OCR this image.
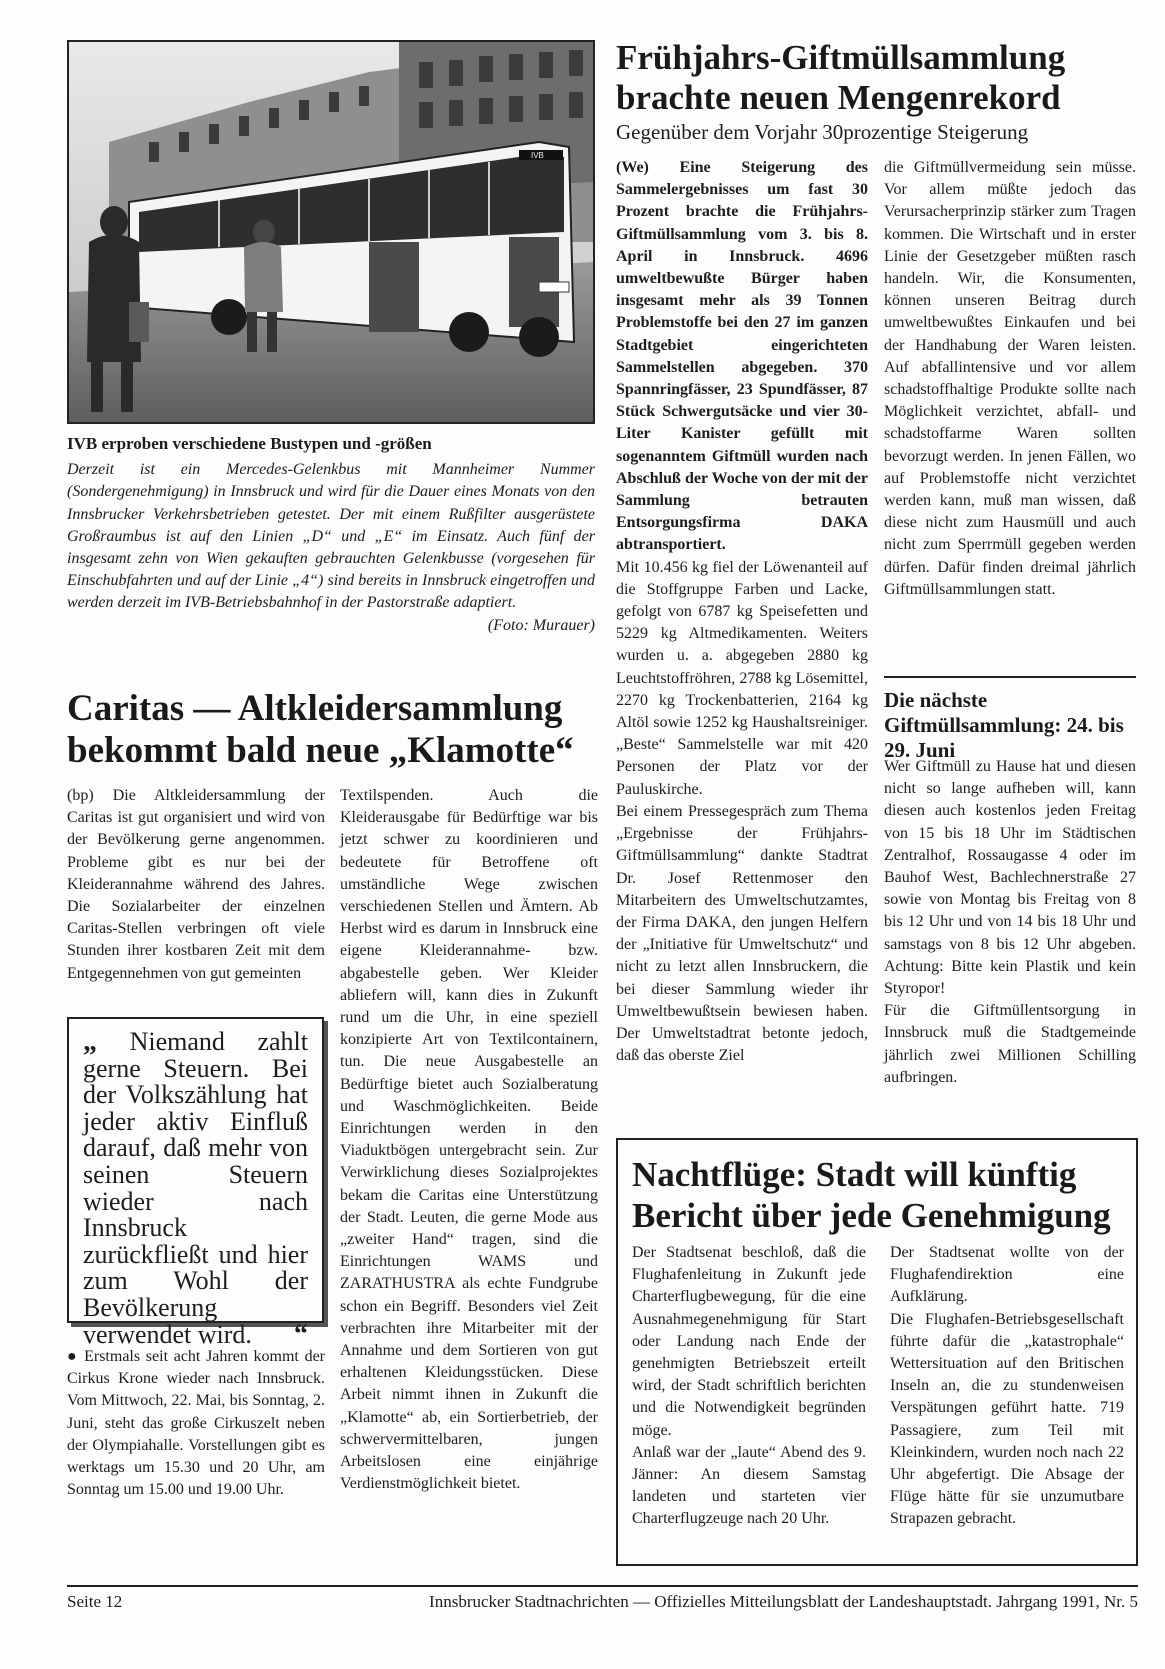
IVB

IVB erproben verschiedene Bustypen und -größen

Derzeit ist ein Mercedes-Gelenkbus mit Mannheimer Nummer (Sondergenehmigung) in Innsbruck und wird für die Dauer eines Monats von den Innsbrucker Verkehrsbetrieben getestet. Der mit einem Rußfilter ausgerüstete Großraumbus ist auf den Linien „D“ und „E“ im Einsatz. Auch fünf der insgesamt zehn von Wien gekauften gebrauchten Gelenkbusse (vorgesehen für Einschubfahrten und auf der Linie „4“) sind bereits in Innsbruck eingetroffen und werden derzeit im IVB-Betriebsbahnhof in der Pastorstraße adaptiert.
(Foto: Murauer)

Caritas — Altkleidersammlung bekommt bald neue „Klamotte“

(bp) Die Altkleidersammlung der Caritas ist gut organisiert und wird von der Bevölkerung gerne angenommen. Probleme gibt es nur bei der Kleiderannahme während des Jahres. Die Sozialarbeiter der einzelnen Caritas-Stellen verbringen oft viele Stunden ihrer kostbaren Zeit mit dem Entgegennehmen von gut gemeinten

„ Niemand zahlt gerne Steuern. Bei der Volkszählung hat jeder aktiv Einfluß darauf, daß mehr von seinen Steuern wieder nach Innsbruck zurückfließt und hier zum Wohl der Bevölkerung verwendet wird. “

● Erstmals seit acht Jahren kommt der Cirkus Krone wieder nach Innsbruck. Vom Mittwoch, 22. Mai, bis Sonntag, 2. Juni, steht das große Cirkuszelt neben der Olympiahalle. Vorstellungen gibt es werktags um 15.30 und 20 Uhr, am Sonntag um 15.00 und 19.00 Uhr.

Textilspenden. Auch die Kleiderausgabe für Bedürftige war bis jetzt schwer zu koordinieren und bedeutete für Betroffene oft umständliche Wege zwischen verschiedenen Stellen und Ämtern. Ab Herbst wird es darum in Innsbruck eine eigene Kleiderannahme- bzw. abgabestelle geben. Wer Kleider abliefern will, kann dies in Zukunft rund um die Uhr, in eine speziell konzipierte Art von Textilcontainern, tun. Die neue Ausgabestelle an Bedürftige bietet auch Sozialberatung und Waschmöglichkeiten. Beide Einrichtungen werden in den Viaduktbögen untergebracht sein. Zur Verwirklichung dieses Sozialprojektes bekam die Caritas eine Unterstützung der Stadt. Leuten, die gerne Mode aus „zweiter Hand“ tragen, sind die Einrichtungen WAMS und ZARATHUSTRA als echte Fundgrube schon ein Begriff. Besonders viel Zeit verbrachten ihre Mitarbeiter mit der Annahme und dem Sortieren von gut erhaltenen Kleidungsstücken. Diese Arbeit nimmt ihnen in Zukunft die „Klamotte“ ab, ein Sortierbetrieb, der schwervermittelbaren, jungen Arbeitslosen eine einjährige Verdienstmöglichkeit bietet.

Frühjahrs-Giftmüllsammlung brachte neuen Mengenrekord

Gegenüber dem Vorjahr 30prozentige Steigerung

(We) Eine Steigerung des Sammelergebnisses um fast 30 Prozent brachte die Frühjahrs-Giftmüllsammlung vom 3. bis 8. April in Innsbruck. 4696 umweltbewußte Bürger haben insgesamt mehr als 39 Tonnen Problemstoffe bei den 27 im ganzen Stadtgebiet eingerichteten Sammelstellen abgegeben. 370 Spannringfässer, 23 Spundfässer, 87 Stück Schwergutsäcke und vier 30-Liter Kanister gefüllt mit sogenanntem Giftmüll wurden nach Abschluß der Woche von der mit der Sammlung betrauten Entsorgungsfirma DAKA abtransportiert.

Mit 10.456 kg fiel der Löwenanteil auf die Stoffgruppe Farben und Lacke, gefolgt von 6787 kg Speisefetten und 5229 kg Altmedikamenten. Weiters wurden u. a. abgegeben 2880 kg Leuchtstoffröhren, 2788 kg Lösemittel, 2270 kg Trockenbatterien, 2164 kg Altöl sowie 1252 kg Haushaltsreiniger. „Beste“ Sammelstelle war mit 420 Personen der Platz vor der Pauluskirche.

Bei einem Pressegespräch zum Thema „Ergebnisse der Frühjahrs-Giftmüllsammlung“ dankte Stadtrat Dr. Josef Rettenmoser den Mitarbeitern des Umweltschutzamtes, der Firma DAKA, den jungen Helfern der „Initiative für Umweltschutz“ und nicht zu letzt allen Innsbruckern, die bei dieser Sammlung wieder ihr Umweltbewußtsein bewiesen haben. Der Umweltstadtrat betonte jedoch, daß das oberste Ziel

die Giftmüllvermeidung sein müsse. Vor allem müßte jedoch das Verursacherprinzip stärker zum Tragen kommen. Die Wirtschaft und in erster Linie der Gesetzgeber müßten rasch handeln. Wir, die Konsumenten, können unseren Beitrag durch umweltbewußtes Einkaufen und bei der Handhabung der Waren leisten. Auf abfallintensive und vor allem schadstoffhaltige Produkte sollte nach Möglichkeit verzichtet, abfall- und schadstoffarme Waren sollten bevorzugt werden. In jenen Fällen, wo auf Problemstoffe nicht verzichtet werden kann, muß man wissen, daß diese nicht zum Hausmüll und auch nicht zum Sperrmüll gegeben werden dürfen. Dafür finden dreimal jährlich Giftmüllsammlungen statt.

Die nächste Giftmüllsammlung: 24. bis 29. Juni

Wer Giftmüll zu Hause hat und diesen nicht so lange aufheben will, kann diesen auch kostenlos jeden Freitag von 15 bis 18 Uhr im Städtischen Zentralhof, Rossaugasse 4 oder im Bauhof West, Bachlechnerstraße 27 sowie von Montag bis Freitag von 8 bis 12 Uhr und von 14 bis 18 Uhr und samstags von 8 bis 12 Uhr abgeben. Achtung: Bitte kein Plastik und kein Styropor!

Für die Giftmüllentsorgung in Innsbruck muß die Stadtgemeinde jährlich zwei Millionen Schilling aufbringen.

Nachtflüge: Stadt will künftig Bericht über jede Genehmigung

Der Stadtsenat beschloß, daß die Flughafenleitung in Zukunft jede Charterflugbewegung, für die eine Ausnahmegenehmigung für Start oder Landung nach Ende der genehmigten Betriebszeit erteilt wird, der Stadt schriftlich berichten und die Notwendigkeit begründen möge.

Anlaß war der „laute“ Abend des 9. Jänner: An diesem Samstag landeten und starteten vier Charterflugzeuge nach 20 Uhr.

Der Stadtsenat wollte von der Flughafendirektion eine Aufklärung.

Die Flughafen-Betriebsgesellschaft führte dafür die „katastrophale“ Wettersituation auf den Britischen Inseln an, die zu stundenweisen Verspätungen geführt hatte. 719 Passagiere, zum Teil mit Kleinkindern, wurden noch nach 22 Uhr abgefertigt. Die Absage der Flüge hätte für sie unzumutbare Strapazen gebracht.

Seite 12	Innsbrucker Stadtnachrichten — Offizielles Mitteilungsblatt der Landeshauptstadt. Jahrgang 1991, Nr. 5
